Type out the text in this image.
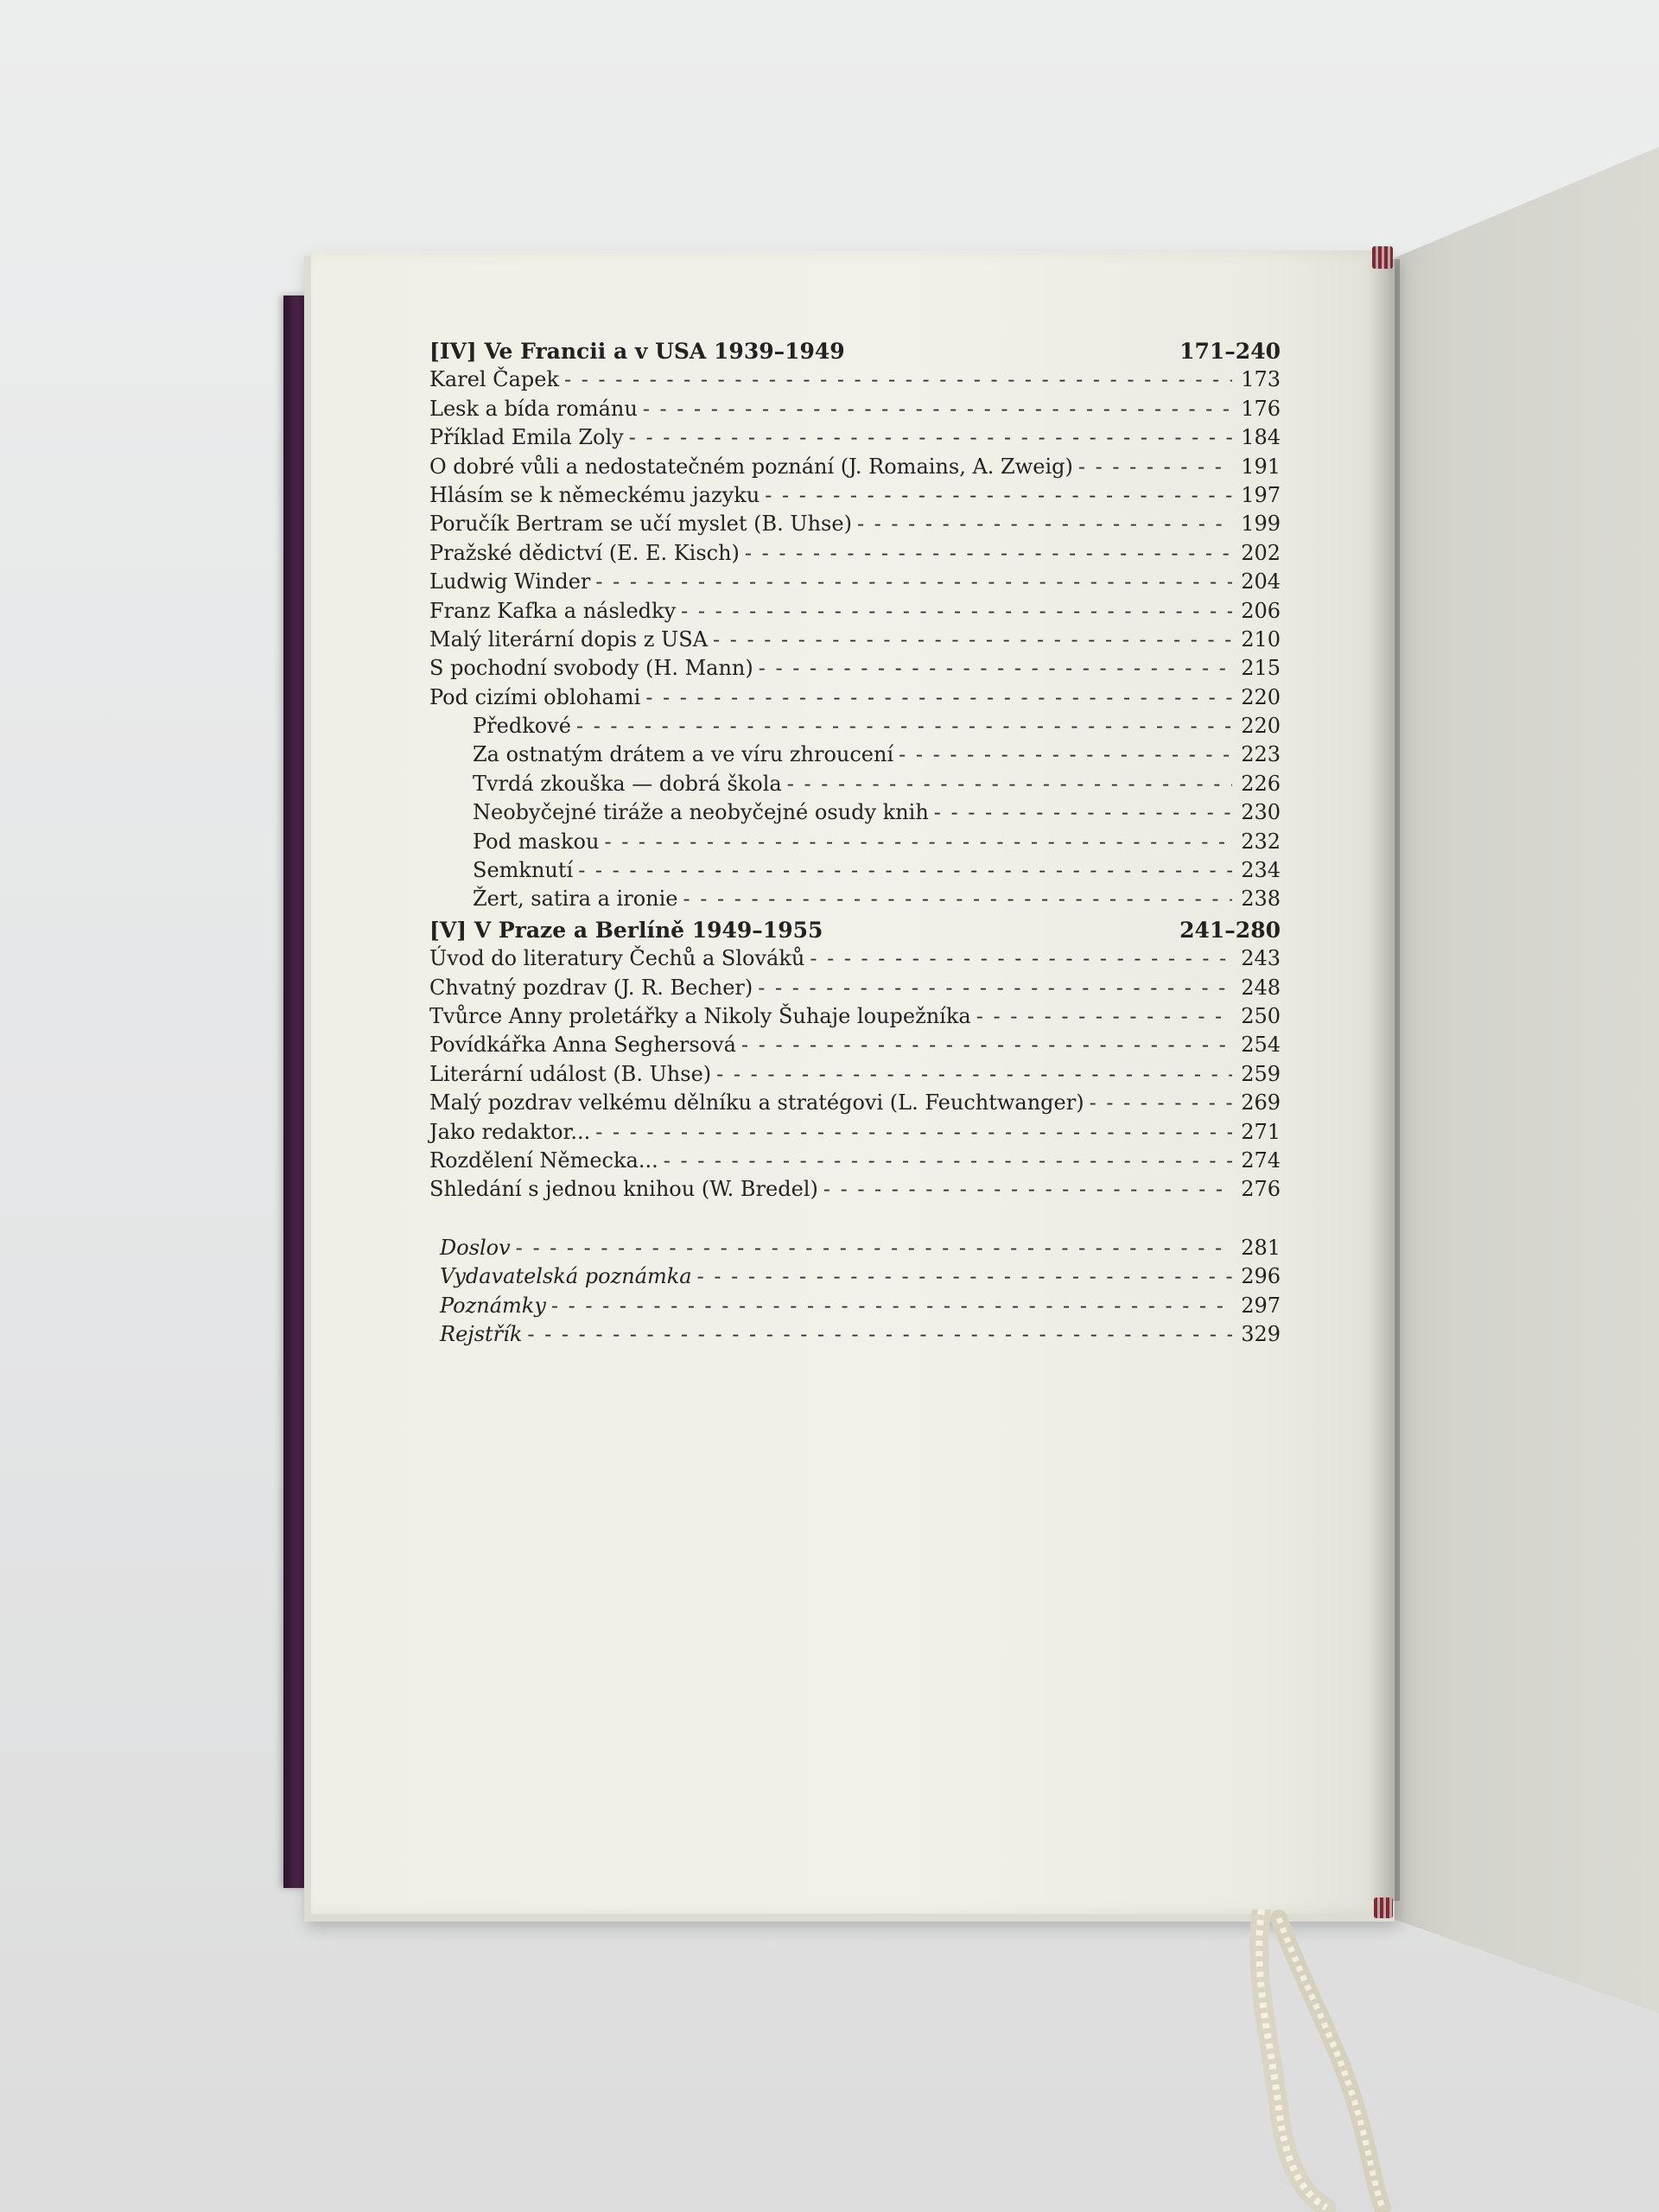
[IV] Ve Francii a v USA 1939–1949	171–240
Karel Čapek - - -	173
Lesk a bída románu - - -	176
Příklad Emila Zoly - - -	184
O dobré vůli a nedostatečném poznání (J. Romains, A. Zweig) - - -	191
Hlásím se k německému jazyku - - -	197
Poručík Bertram se učí myslet (B. Uhse) - - -	199
Pražské dědictví (E. E. Kisch) - - -	202
Ludwig Winder - - -	204
Franz Kafka a následky - - -	206
Malý literární dopis z USA - - -	210
S pochodní svobody (H. Mann) - - -	215
Pod cizími oblohami - - -	220
Předkové - - -	220
Za ostnatým drátem a ve víru zhroucení - - -	223
Tvrdá zkouška — dobrá škola - - -	226
Neobyčejné tiráže a neobyčejné osudy knih - - -	230
Pod maskou - - -	232
Semknutí - - -	234
Žert, satira a ironie - - -	238
[V] V Praze a Berlíně 1949–1955	241–280
Úvod do literatury Čechů a Slováků - - -	243
Chvatný pozdrav (J. R. Becher) - - -	248
Tvůrce Anny proletářky a Nikoly Šuhaje loupežníka - - -	250
Povídkářka Anna Seghersová - - -	254
Literární událost (B. Uhse) - - -	259
Malý pozdrav velkému dělníku a stratégovi (L. Feuchtwanger) - - -	269
Jako redaktor... - - -	271
Rozdělení Německa... - - -	274
Shledání s jednou knihou (W. Bredel) - - -	276
Doslov - - -	281
Vydavatelská poznámka - - -	296
Poznámky - - -	297
Rejstřík - - -	329
